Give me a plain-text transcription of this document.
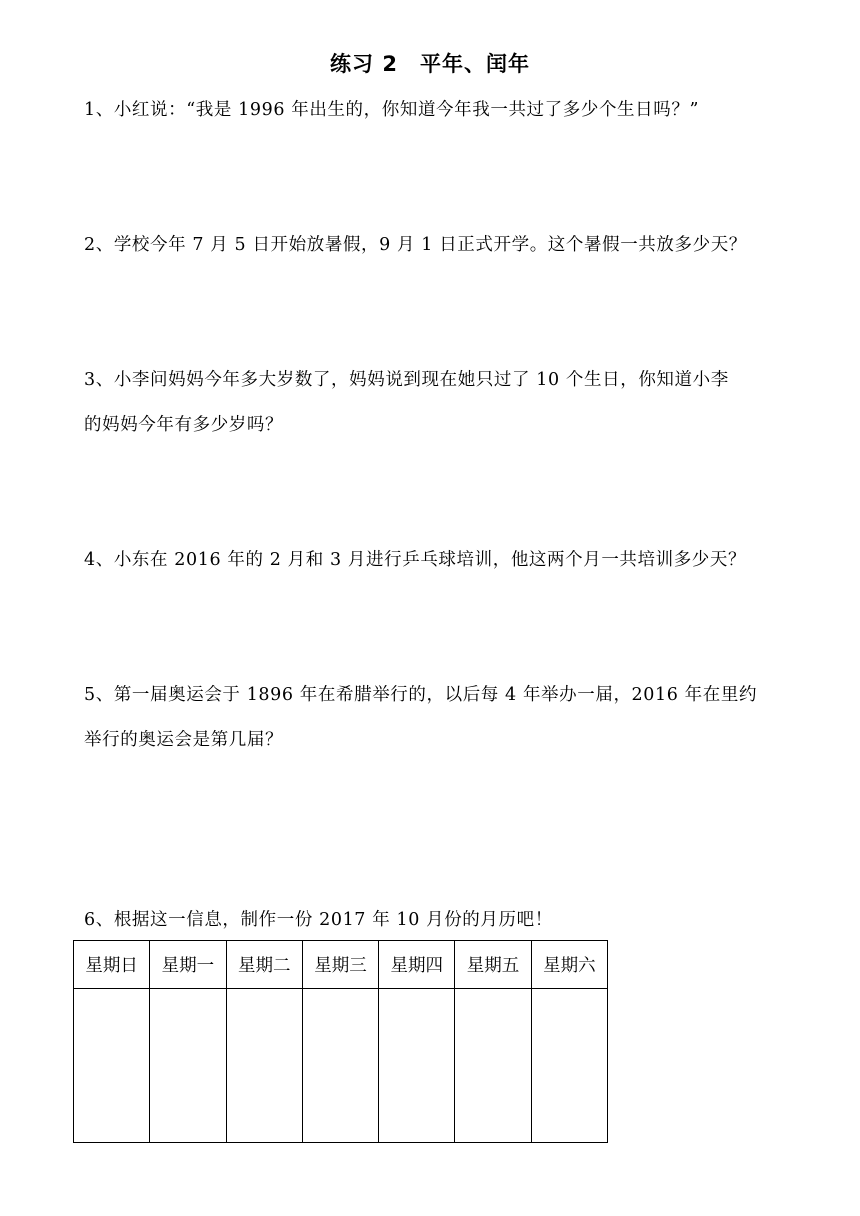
练习 2　平年、闰年
1、小红说：“我是 1996 年出生的，你知道今年我一共过了多少个生日吗？”
2、学校今年 7 月 5 日开始放暑假，9 月 1 日正式开学。这个暑假一共放多少天？
3、小李问妈妈今年多大岁数了，妈妈说到现在她只过了 10 个生日，你知道小李
的妈妈今年有多少岁吗？
4、小东在 2016 年的 2 月和 3 月进行乒乓球培训，他这两个月一共培训多少天？
5、第一届奥运会于 1896 年在希腊举行的，以后每 4 年举办一届，2016 年在里约
举行的奥运会是第几届？
6、根据这一信息，制作一份 2017 年 10 月份的月历吧！
星期日	星期一	星期二	星期三	星期四	星期五	星期六
